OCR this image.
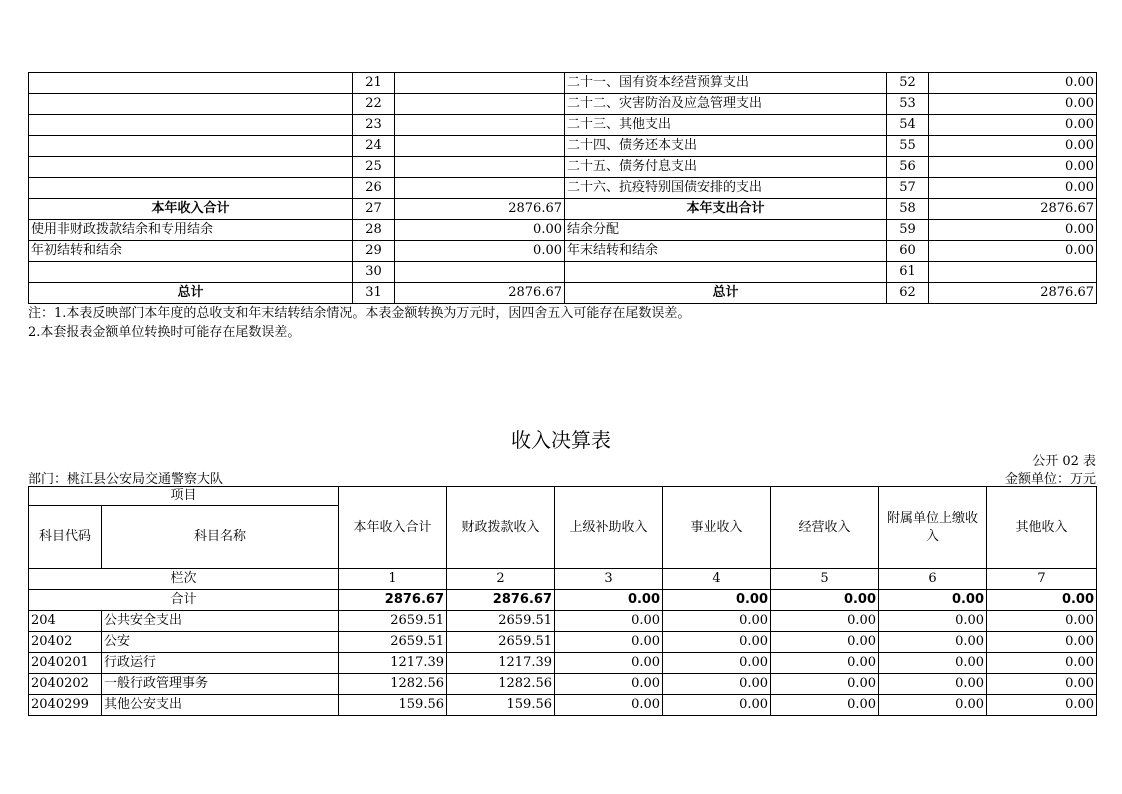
	21		二十一、国有资本经营预算支出	52	0.00
	22		二十二、灾害防治及应急管理支出	53	0.00
	23		二十三、其他支出	54	0.00
	24		二十四、债务还本支出	55	0.00
	25		二十五、债务付息支出	56	0.00
	26		二十六、抗疫特别国债安排的支出	57	0.00
本年收入合计	27	2876.67	本年支出合计	58	2876.67
使用非财政拨款结余和专用结余	28	0.00	结余分配	59	0.00
年初结转和结余	29	0.00	年末结转和结余	60	0.00
	30			61	
总计	31	2876.67	总计	62	2876.67
注：1.本表反映部门本年度的总收支和年末结转结余情况。本表金额转换为万元时，因四舍五入可能存在尾数误差。
2.本套报表金额单位转换时可能存在尾数误差。
收入决算表
公开 02 表
部门：桃江县公安局交通警察大队	金额单位：万元
项目		本年收入合计	财政拨款收入	上级补助收入	事业收入	经营收入	附属单位上缴收入	其他收入
科目代码	科目名称							
栏次		1	2	3	4	5	6	7
合计		2876.67	2876.67	0.00	0.00	0.00	0.00	0.00
204	公共安全支出	2659.51	2659.51	0.00	0.00	0.00	0.00	0.00
20402	公安	2659.51	2659.51	0.00	0.00	0.00	0.00	0.00
2040201	行政运行	1217.39	1217.39	0.00	0.00	0.00	0.00	0.00
2040202	一般行政管理事务	1282.56	1282.56	0.00	0.00	0.00	0.00	0.00
2040299	其他公安支出	159.56	159.56	0.00	0.00	0.00	0.00	0.00
